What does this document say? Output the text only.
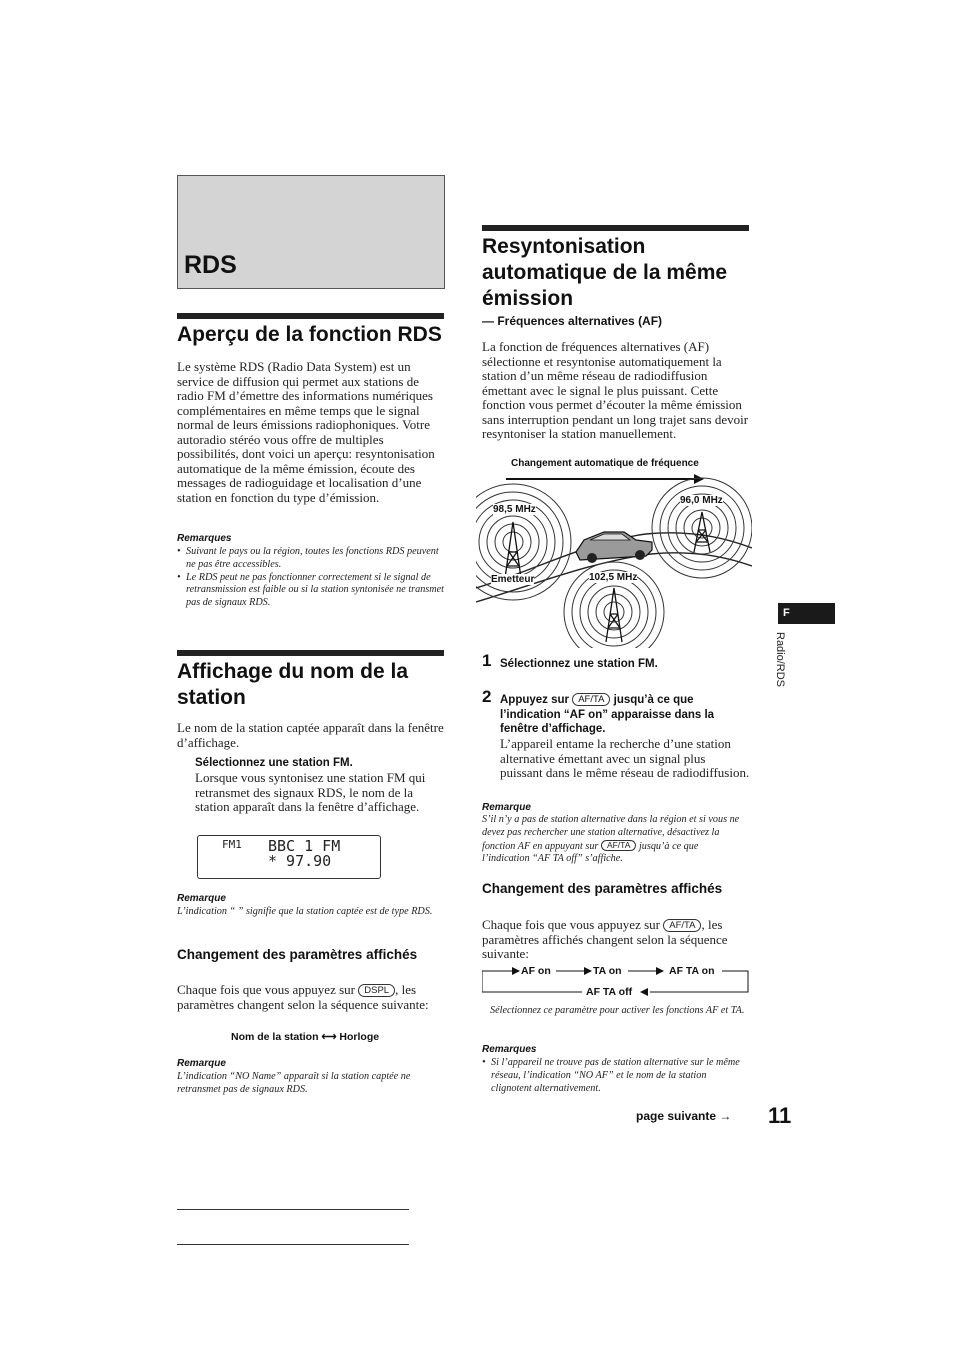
RDS
Aperçu de la fonction RDS
Le système RDS (Radio Data System) est un service de diffusion qui permet aux stations de radio FM d’émettre des informations numériques complémentaires en même temps que le signal normal de leurs émissions radiophoniques. Votre autoradio stéréo vous offre de multiples possibilités, dont voici un aperçu: resyntonisation automatique de la même émission, écoute des messages de radioguidage et localisation d’une station en fonction du type d’émission.
Remarques
• Suivant le pays ou la région, toutes les fonctions RDS peuvent ne pas être accessibles.
• Le RDS peut ne pas fonctionner correctement si le signal de retransmission est faible ou si la station syntonisée ne transmet pas de signaux RDS.
Affichage du nom de la station
Le nom de la station captée apparaît dans la fenêtre d’affichage.
Sélectionnez une station FM.
Lorsque vous syntonisez une station FM qui retransmet des signaux RDS, le nom de la station apparaît dans la fenêtre d’affichage.
FM1 BBC 1 FM
* 97.90
Remarque
L’indication “ ” signifie que la station captée est de type RDS.
Changement des paramètres affichés
Chaque fois que vous appuyez sur DSPL , les paramètres changent selon la séquence suivante:
Nom de la station ⟷ Horloge
Remarque
L’indication “NO Name” apparaît si la station captée ne retransmet pas de signaux RDS.
Resyntonisation automatique de la même émission
— Fréquences alternatives (AF)
La fonction de fréquences alternatives (AF) sélectionne et resyntonise automatiquement la station d’un même réseau de radiodiffusion émettant avec le signal le plus puissant. Cette fonction vous permet d’écouter la même émission sans interruption pendant un long trajet sans devoir resyntoniser la station manuellement.
Changement automatique de fréquence
98,5 MHz
96,0 MHz
102,5 MHz
Emetteur
1 Sélectionnez une station FM.
2 Appuyez sur AF/TA jusqu’à ce que l’indication “AF on” apparaisse dans la fenêtre d’affichage.
L’appareil entame la recherche d’une station alternative émettant avec un signal plus puissant dans le même réseau de radiodiffusion.
Remarque
S’il n’y a pas de station alternative dans la région et si vous ne devez pas rechercher une station alternative, désactivez la fonction AF en appuyant sur AF/TA jusqu’à ce que l’indication “AF TA off” s’affiche.
Changement des paramètres affichés
Chaque fois que vous appuyez sur AF/TA , les paramètres affichés changent selon la séquence suivante:
AF on	TA on	AF TA on
AF TA off
Sélectionnez ce paramètre pour activer les fonctions AF et TA.
Remarques
• Si l’appareil ne trouve pas de station alternative sur le même réseau, l’indication “NO AF” et le nom de la station clignotent alternativement.
F
Radio/RDS
page suivante → 11
